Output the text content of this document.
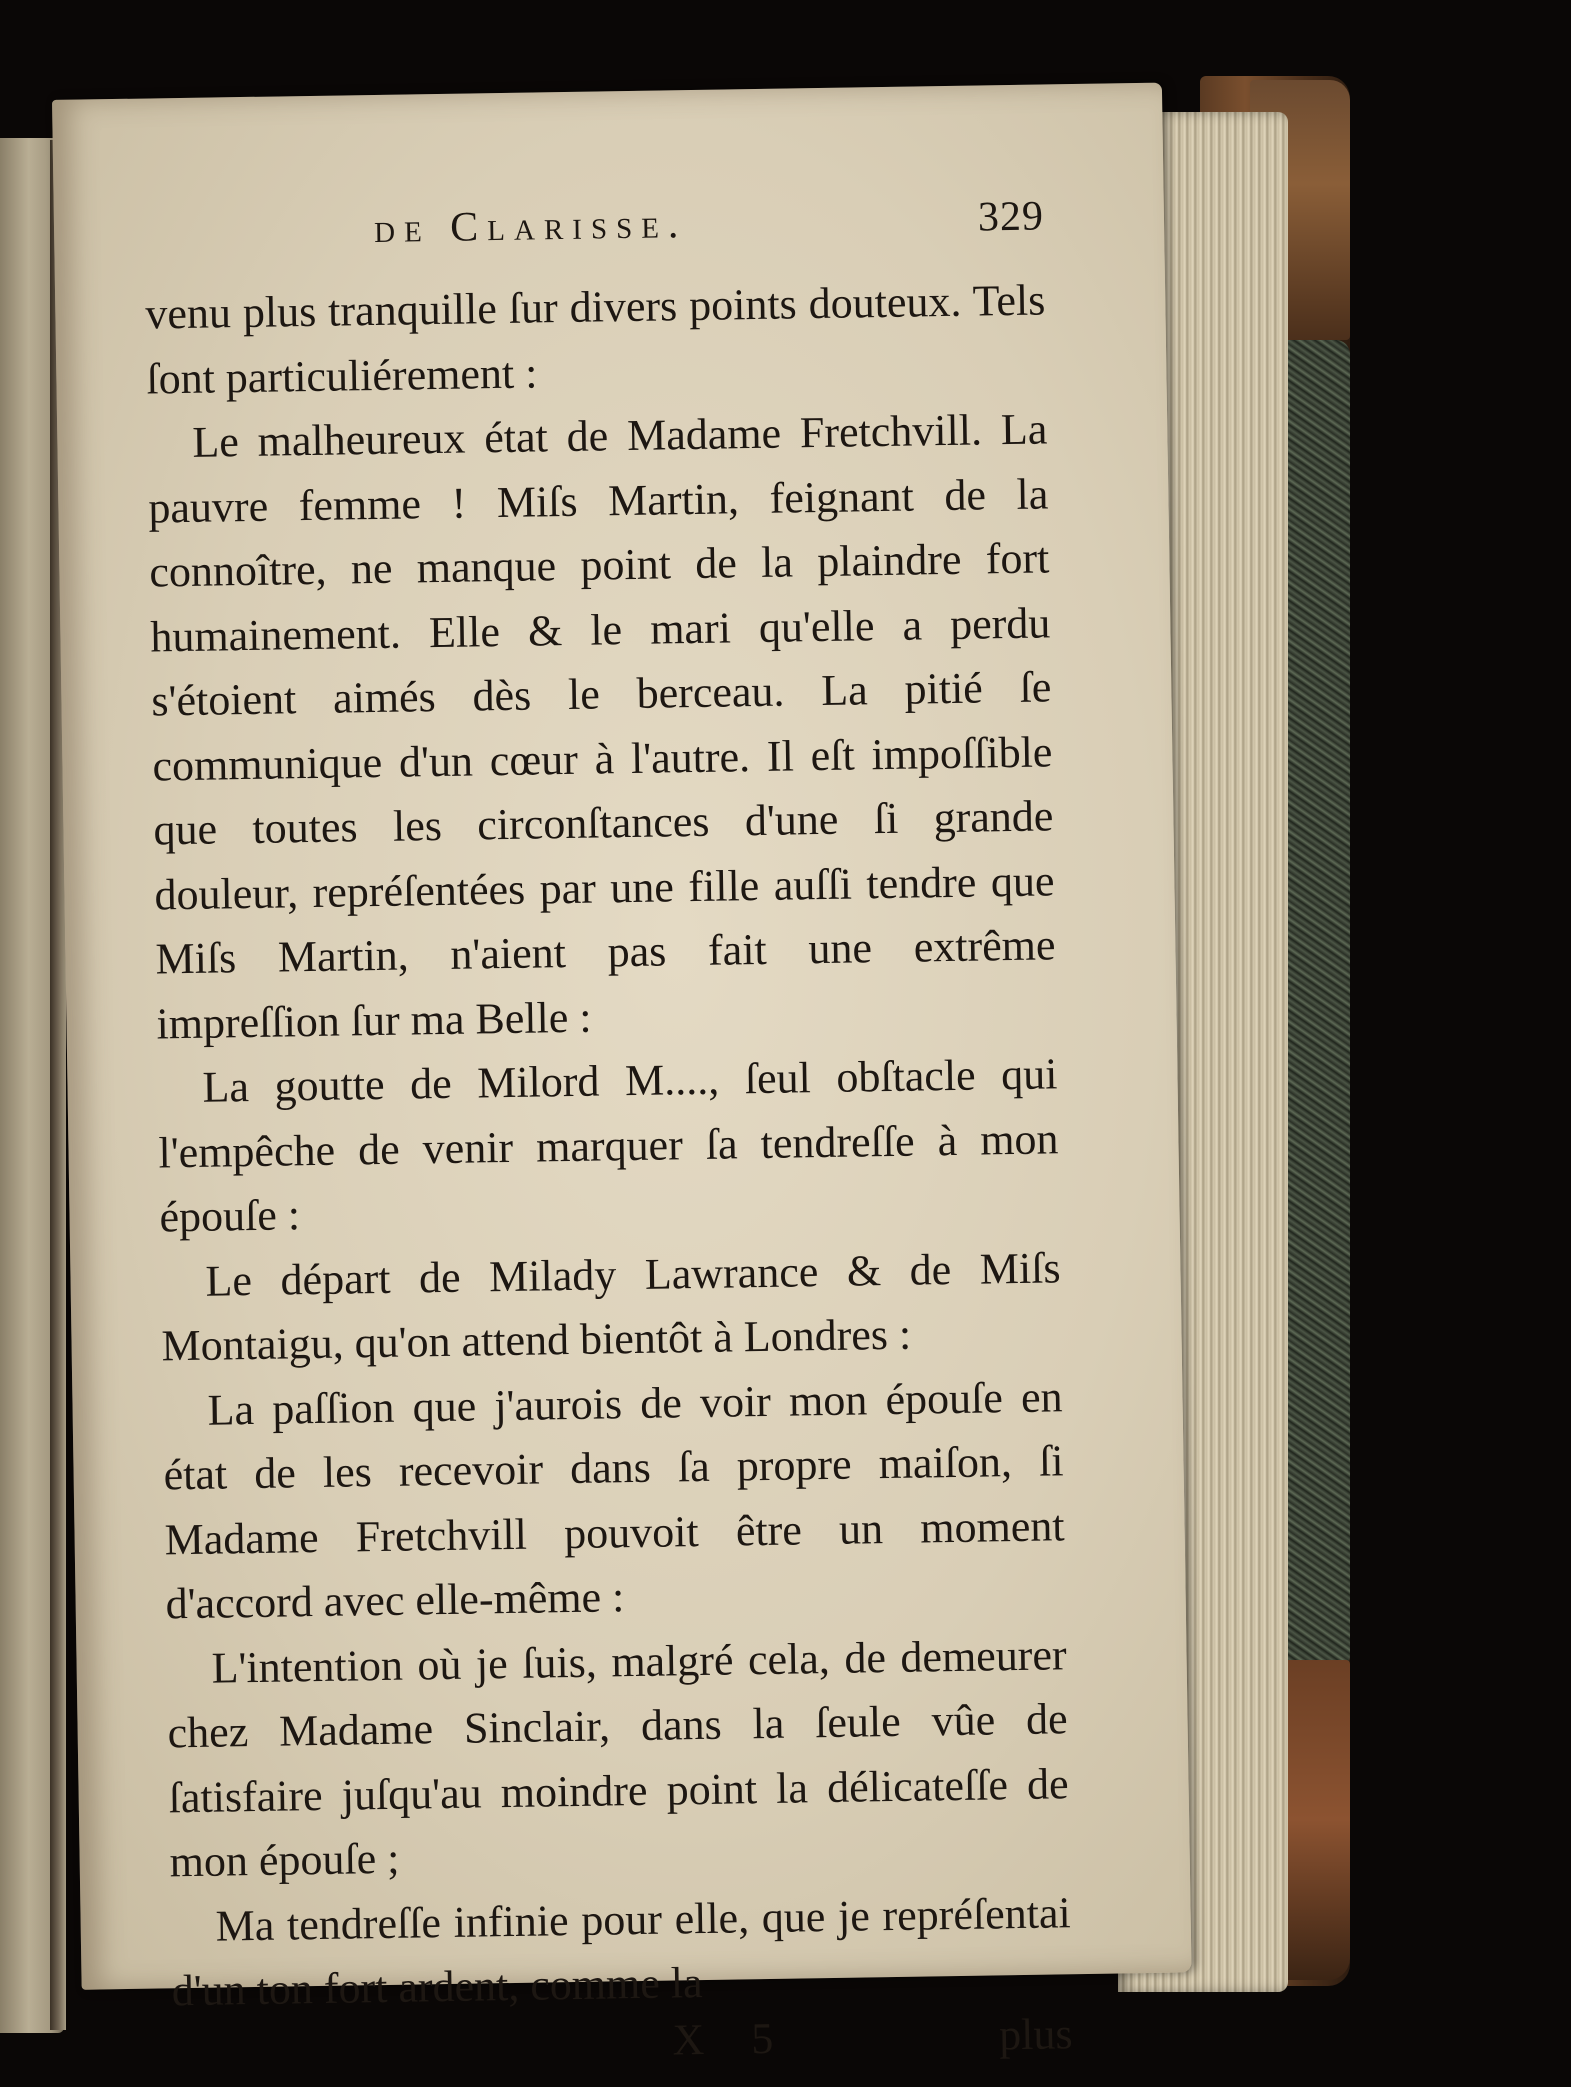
de Clarisse.	329

venu plus tranquille ſur divers points douteux. Tels ſont particuliérement :

Le malheureux état de Madame Fretchvill. La pauvre femme ! Miſs Martin, feignant de la connoître, ne manque point de la plaindre fort humainement. Elle & le mari qu'elle a perdu s'étoient aimés dès le berceau. La pitié ſe communique d'un cœur à l'autre. Il eſt impoſſible que toutes les circonſtances d'une ſi grande douleur, repréſentées par une fille auſſi tendre que Miſs Martin, n'aient pas fait une extrême impreſſion ſur ma Belle :

La goutte de Milord M...., ſeul obſtacle qui l'empêche de venir marquer ſa tendreſſe à mon épouſe :

Le départ de Milady Lawrance & de Miſs Montaigu, qu'on attend bientôt à Londres :

La paſſion que j'aurois de voir mon épouſe en état de les recevoir dans ſa propre maiſon, ſi Madame Fretchvill pouvoit être un moment d'accord avec elle-même :

L'intention où je ſuis, malgré cela, de demeurer chez Madame Sinclair, dans la ſeule vûe de ſatisfaire juſqu'au moindre point la délicateſſe de mon épouſe ;

Ma tendreſſe infinie pour elle, que je repréſentai d'un ton fort ardent, comme la

X 5	plus
